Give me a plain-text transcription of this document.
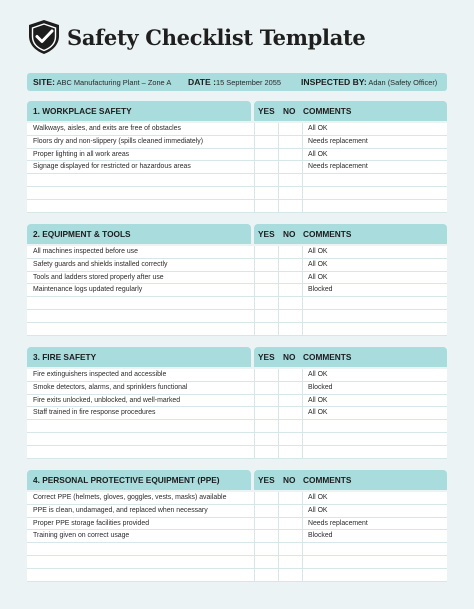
Safety Checklist Template
SITE: ABC Manufacturing Plant – Zone A DATE :15 September 2055 INSPECTED BY: Adan (Safety Officer)
1. WORKPLACE SAFETY	YES NO COMMENTS
Walkways, aisles, and exits are free of obstacles	All OK
Floors dry and non-slippery (spills cleaned immediately)	Needs replacement
Proper lighting in all work areas	All OK
Signage displayed for restricted or hazardous areas	Needs replacement
2. EQUIPMENT & TOOLS	YES NO COMMENTS
All machines inspected before use	All OK
Safety guards and shields installed correctly	All OK
Tools and ladders stored properly after use	All OK
Maintenance logs updated regularly	Blocked
3. FIRE SAFETY	YES NO COMMENTS
Fire extinguishers inspected and accessible	All OK
Smoke detectors, alarms, and sprinklers functional	Blocked
Fire exits unlocked, unblocked, and well-marked	All OK
Staff trained in fire response procedures	All OK
4. PERSONAL PROTECTIVE EQUIPMENT (PPE)	YES NO COMMENTS
Correct PPE (helmets, gloves, goggles, vests, masks) available	All OK
PPE is clean, undamaged, and replaced when necessary	All OK
Proper PPE storage facilities provided	Needs replacement
Training given on correct usage	Blocked
